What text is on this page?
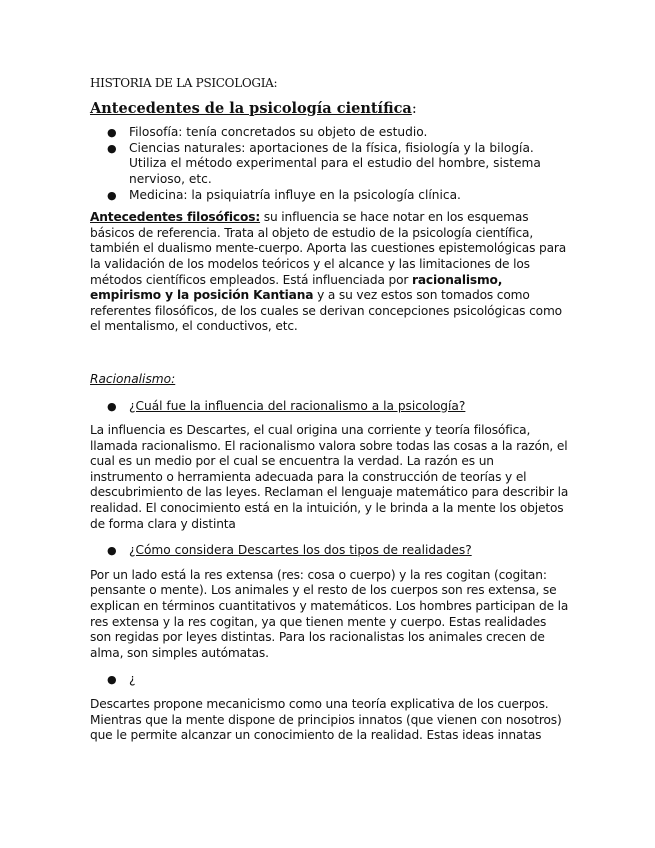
HISTORIA DE LA PSICOLOGIA:

Antecedentes de la psicología científica:

● Filosofía: tenía concretados su objeto de estudio.
● Ciencias naturales: aportaciones de la física, fisiología y la bilogía. Utiliza el método experimental para el estudio del hombre, sistema nervioso, etc.
● Medicina: la psiquiatría influye en la psicología clínica.

Antecedentes filosóficos: su influencia se hace notar en los esquemas básicos de referencia. Trata al objeto de estudio de la psicología científica, también el dualismo mente-cuerpo. Aporta las cuestiones epistemológicas para la validación de los modelos teóricos y el alcance y las limitaciones de los métodos científicos empleados. Está influenciada por racionalismo, empirismo y la posición Kantiana y a su vez estos son tomados como referentes filosóficos, de los cuales se derivan concepciones psicológicas como el mentalismo, el conductivos, etc.

Racionalismo:

● ¿Cuál fue la influencia del racionalismo a la psicología?

La influencia es Descartes, el cual origina una corriente y teoría filosófica, llamada racionalismo. El racionalismo valora sobre todas las cosas a la razón, el cual es un medio por el cual se encuentra la verdad. La razón es un instrumento o herramienta adecuada para la construcción de teorías y el descubrimiento de las leyes. Reclaman el lenguaje matemático para describir la realidad. El conocimiento está en la intuición, y le brinda a la mente los objetos de forma clara y distinta

● ¿Cómo considera Descartes los dos tipos de realidades?

Por un lado está la res extensa (res: cosa o cuerpo) y la res cogitan (cogitan: pensante o mente). Los animales y el resto de los cuerpos son res extensa, se explican en términos cuantitativos y matemáticos. Los hombres participan de la res extensa y la res cogitan, ya que tienen mente y cuerpo. Estas realidades son regidas por leyes distintas. Para los racionalistas los animales crecen de alma, son simples autómatas.

● ¿

Descartes propone mecanicismo como una teoría explicativa de los cuerpos. Mientras que la mente dispone de principios innatos (que vienen con nosotros) que le permite alcanzar un conocimiento de la realidad. Estas ideas innatas
